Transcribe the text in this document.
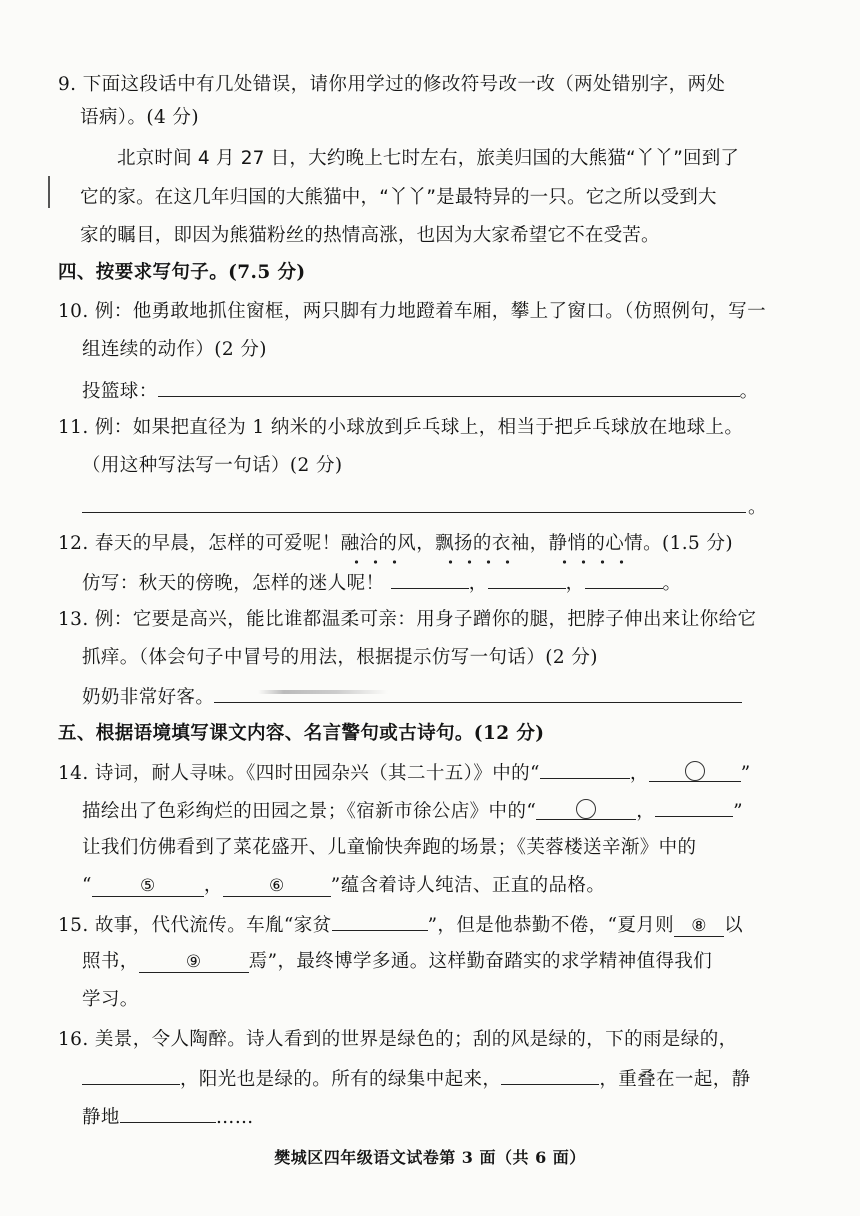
9. 下面这段话中有几处错误，请你用学过的修改符号改一改（两处错别字，两处
语病）。(4 分)
北京时间 4 月 27 日，大约晚上七时左右，旅美归国的大熊猫“丫丫”回到了
它的家。在这几年归国的大熊猫中，“丫丫”是最特异的一只。它之所以受到大
家的瞩目，即因为熊猫粉丝的热情高涨，也因为大家希望它不在受苦。
四、按要求写句子。(7.5 分)
10. 例：他勇敢地抓住窗框，两只脚有力地蹬着车厢，攀上了窗口。（仿照例句，写一
组连续的动作）(2 分)
投篮球：	。
11. 例：如果把直径为 1 纳米的小球放到乒乓球上，相当于把乒乓球放在地球上。
（用这种写法写一句话）(2 分)
。
12. 春天的早晨，怎样的可爱呢！融洽的风，飘扬的衣袖，静悄的心情。(1.5 分)
仿写：秋天的傍晚，怎样的迷人呢！	，	，	。
13. 例：它要是高兴，能比谁都温柔可亲：用身子蹭你的腿，把脖子伸出来让你给它
抓痒。（体会句子中冒号的用法，根据提示仿写一句话）(2 分)
奶奶非常好客。
五、根据语境填写课文内容、名言警句或古诗句。(12 分)
14. 诗词，耐人寻味。《四时田园杂兴（其二十五）》中的“	，	”
描绘出了色彩绚烂的田园之景；《宿新市徐公店》中的“	，	”
让我们仿佛看到了菜花盛开、儿童愉快奔跑的场景；《芙蓉楼送辛渐》中的
“	⑤	，	⑥ ”蕴含着诗人纯洁、正直的品格。
15. 故事，代代流传。车胤“家贫	”，但是他恭勤不倦，“夏月则 ⑧ 以
照书，	⑨	焉”，最终博学多通。这样勤奋踏实的求学精神值得我们
学习。
16. 美景，令人陶醉。诗人看到的世界是绿色的；刮的风是绿的，下的雨是绿的，
，阳光也是绿的。所有的绿集中起来，	，重叠在一起，静
静地	……
樊城区四年级语文试卷第 3 面（共 6 面）
